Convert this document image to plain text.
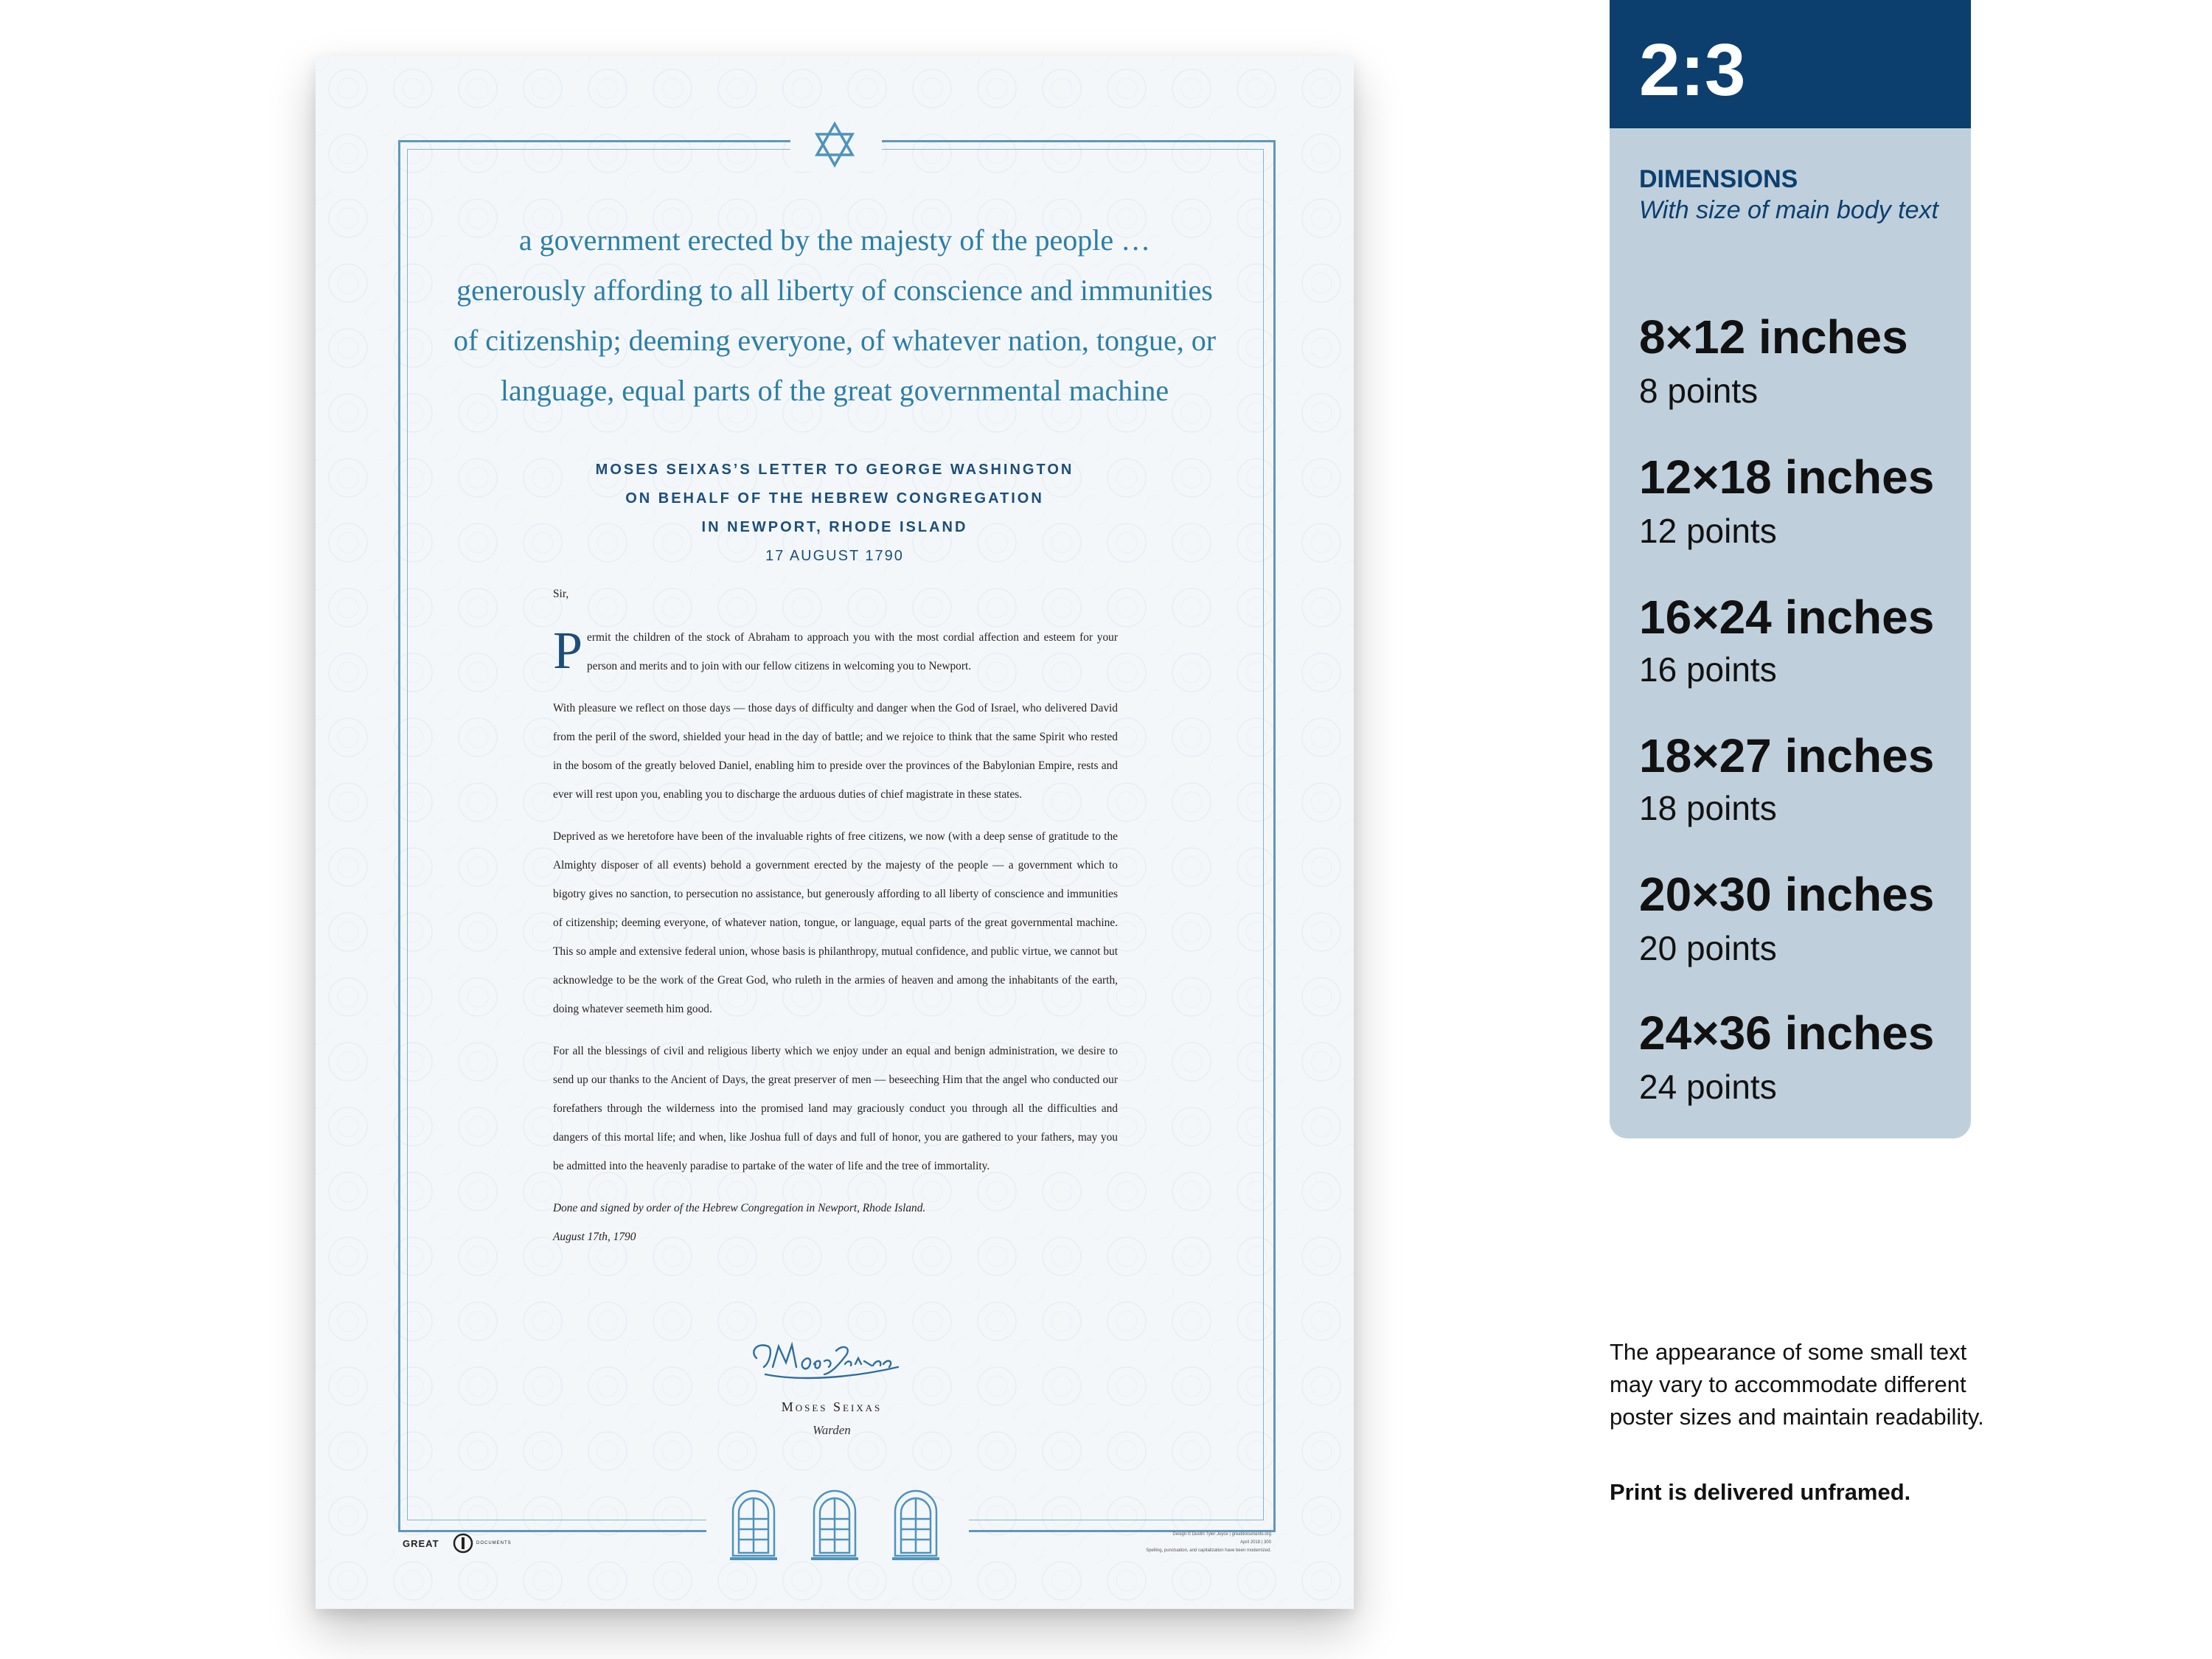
a government erected by the majesty of the people …
generously affording to all liberty of conscience and immunities
of citizenship; deeming everyone, of whatever nation, tongue, or
language, equal parts of the great governmental machine
MOSES SEIXAS’S LETTER TO GEORGE WASHINGTON
ON BEHALF OF THE HEBREW CONGREGATION
IN NEWPORT, RHODE ISLAND
17 AUGUST 1790

Sir,

Permit the children of the stock of Abraham to approach you with the most cordial affection and esteem for your person and merits and to join with our fellow citizens in welcoming you to Newport.

With pleasure we reflect on those days — those days of difficulty and danger when the God of Israel, who delivered David from the peril of the sword, shielded your head in the day of battle; and we rejoice to think that the same Spirit who rested in the bosom of the greatly beloved Daniel, enabling him to preside over the provinces of the Babylonian Empire, rests and ever will rest upon you, enabling you to discharge the arduous duties of chief magistrate in these states.

Deprived as we heretofore have been of the invaluable rights of free citizens, we now (with a deep sense of gratitude to the Almighty disposer of all events) behold a government erected by the majesty of the people — a government which to bigotry gives no sanction, to persecution no assistance, but generously affording to all liberty of conscience and immunities of citizenship; deeming everyone, of whatever nation, tongue, or language, equal parts of the great governmental machine. This so ample and extensive federal union, whose basis is philanthropy, mutual confidence, and public virtue, we cannot but acknowledge to be the work of the Great God, who ruleth in the armies of heaven and among the inhabitants of the earth, doing whatever seemeth him good.

For all the blessings of civil and religious liberty which we enjoy under an equal and benign administration, we desire to send up our thanks to the Ancient of Days, the great preserver of men — beseeching Him that the angel who conducted our forefathers through the wilderness into the promised land may graciously conduct you through all the difficulties and dangers of this mortal life; and when, like Joshua full of days and full of honor, you are gathered to your fathers, may you be admitted into the heavenly paradise to partake of the water of life and the tree of immortality.

Done and signed by order of the Hebrew Congregation in Newport, Rhode Island.

August 17th, 1790

Moses Seixas
Warden
GREAT	DOCUMENTS
Design © Dustin Tyler Joyce | greatdocuments.org
April 2018 | 300
Spelling, punctuation, and capitalization have been modernized.
2:3
DIMENSIONS
With size of main body text
8×12 inches
8 points
12×18 inches
12 points
16×24 inches
16 points
18×27 inches
18 points
20×30 inches
20 points
24×36 inches
24 points
The appearance of some small text may vary to accommodate different poster sizes and maintain readability.
Print is delivered unframed.
